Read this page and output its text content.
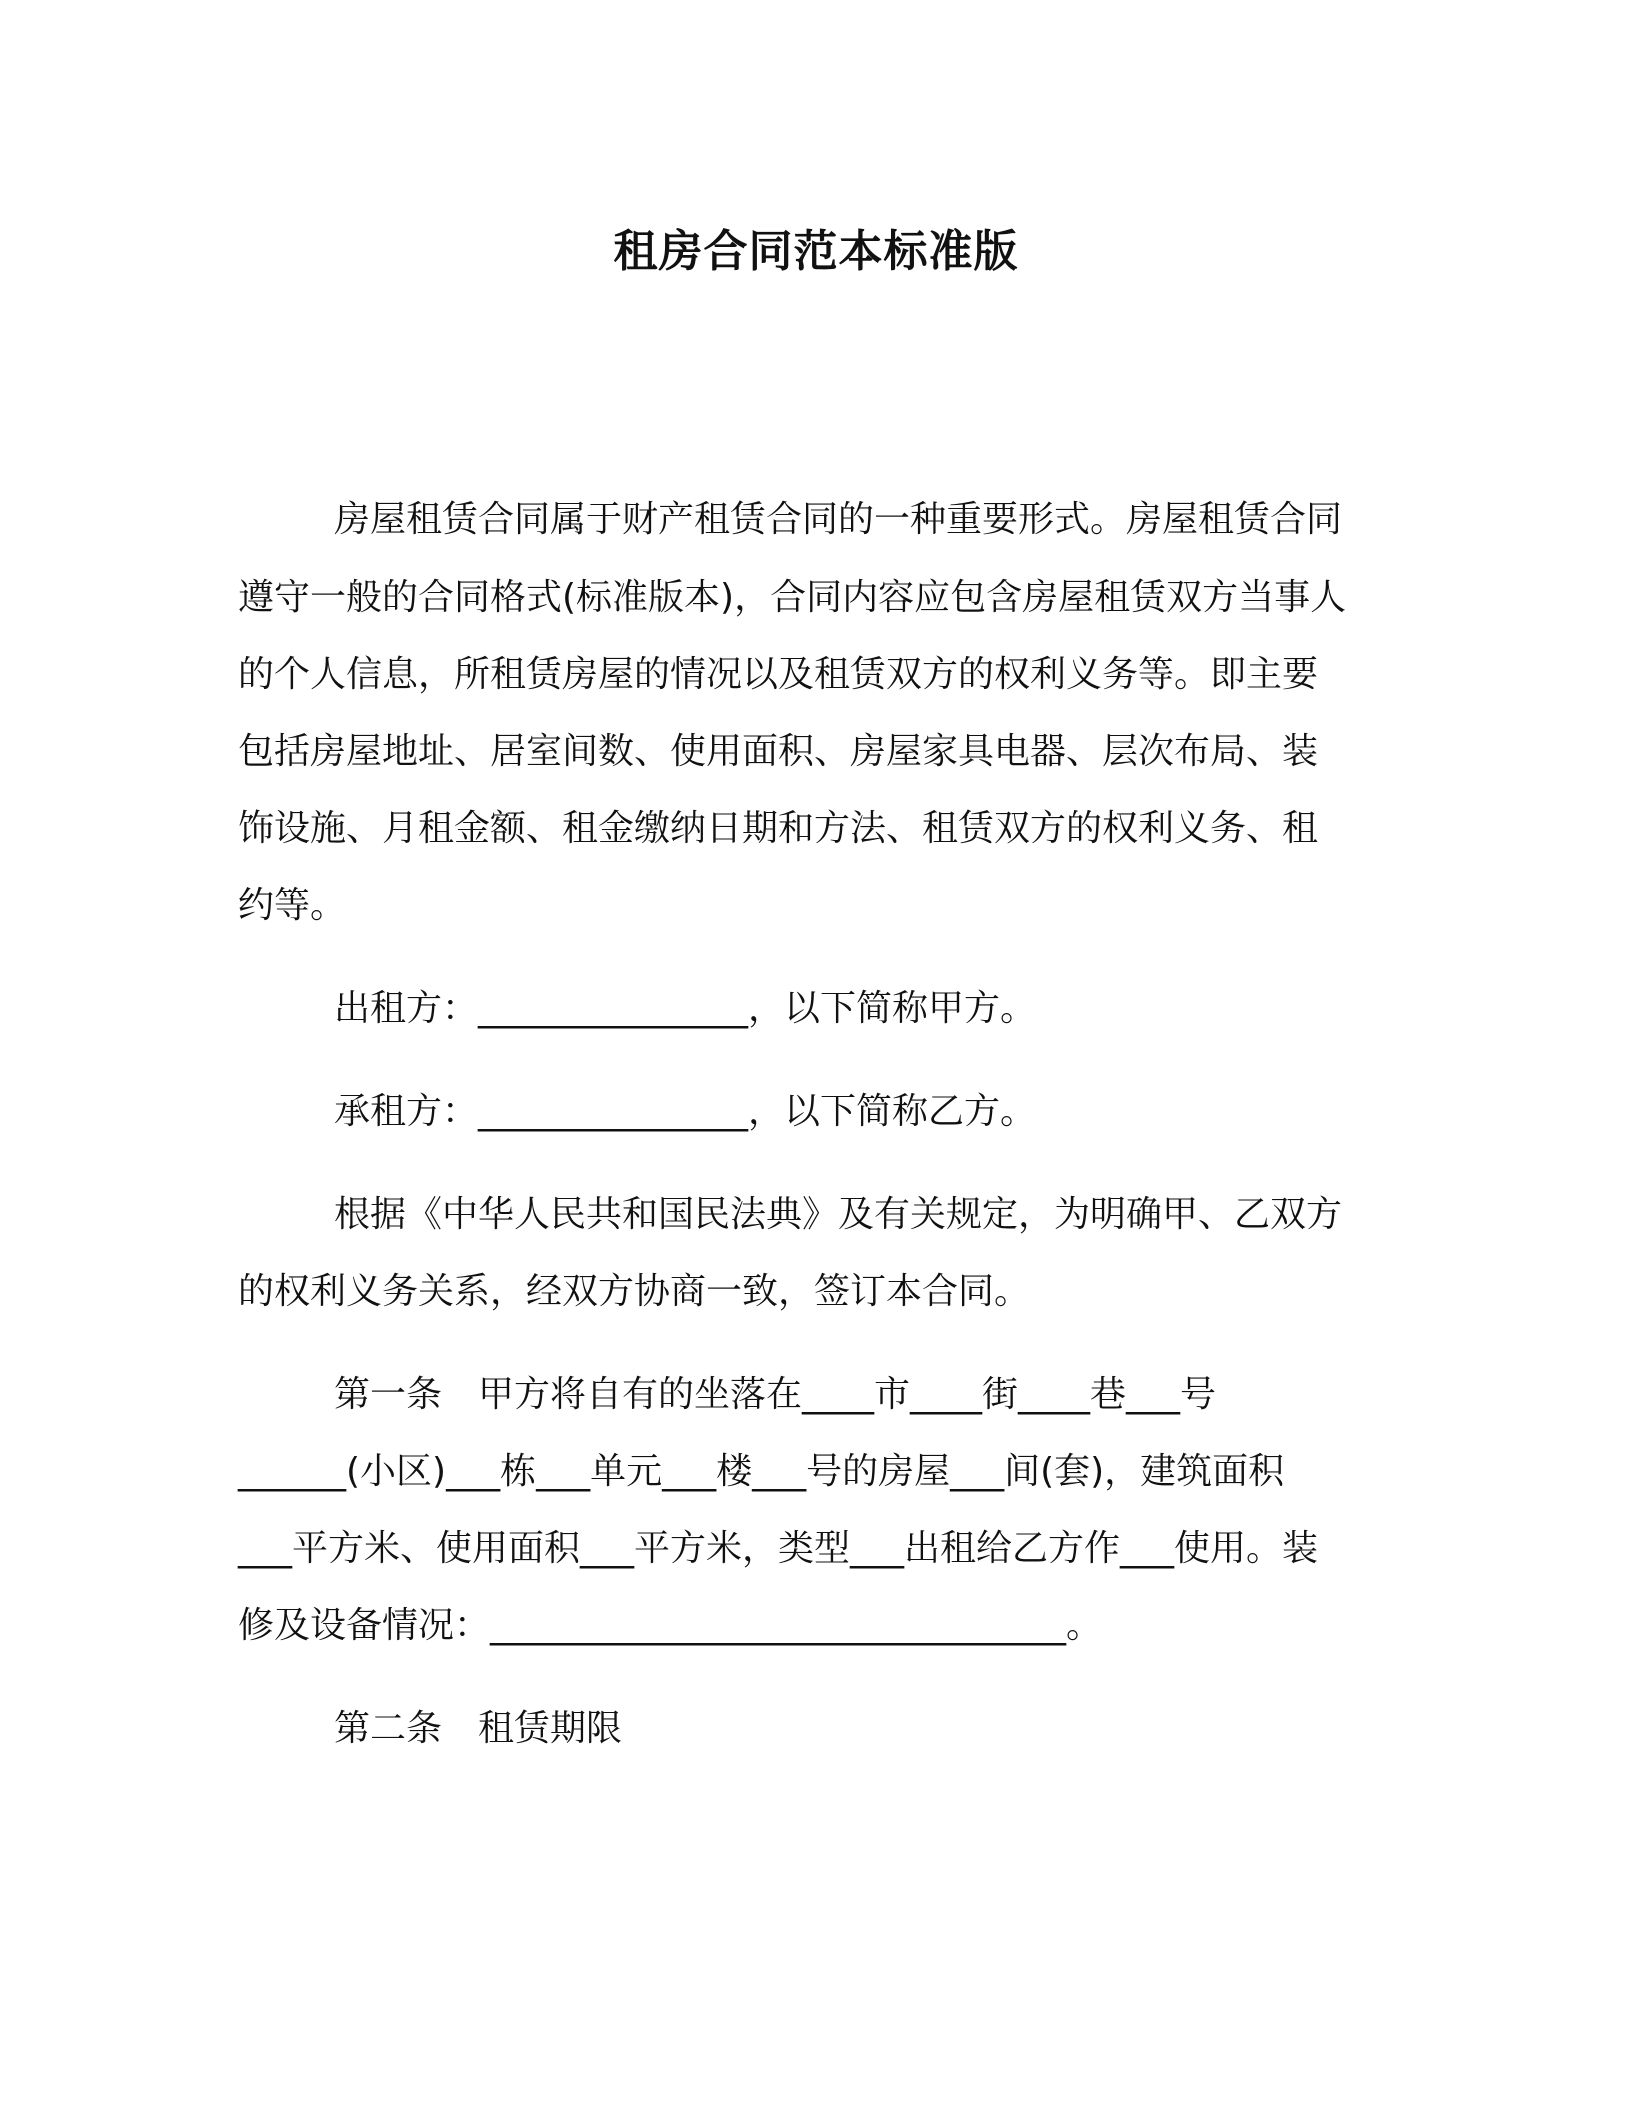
租房合同范本标准版
房屋租赁合同属于财产租赁合同的一种重要形式。房屋租赁合同
遵守一般的合同格式(标准版本)，合同内容应包含房屋租赁双方当事人
的个人信息，所租赁房屋的情况以及租赁双方的权利义务等。即主要
包括房屋地址、居室间数、使用面积、房屋家具电器、层次布局、装
饰设施、月租金额、租金缴纳日期和方法、租赁双方的权利义务、租
约等。
出租方：_______________，以下简称甲方。
承租方：_______________，以下简称乙方。
根据《中华人民共和国民法典》及有关规定，为明确甲、乙双方
的权利义务关系，经双方协商一致，签订本合同。
第一条　甲方将自有的坐落在____市____街____巷___号
______(小区)___栋___单元___楼___号的房屋___间(套)，建筑面积
___平方米、使用面积___平方米，类型___出租给乙方作___使用。装
修及设备情况：________________________________。
第二条　租赁期限
